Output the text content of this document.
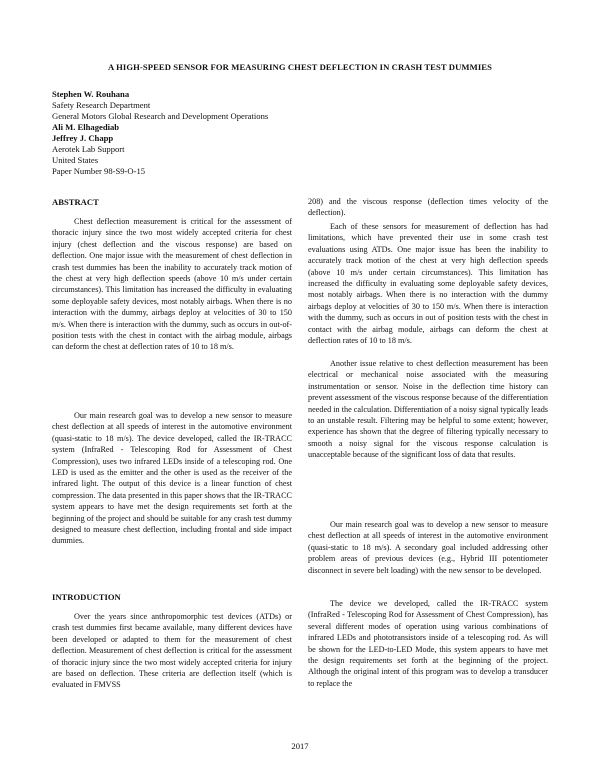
A HIGH-SPEED SENSOR FOR MEASURING CHEST DEFLECTION IN CRASH TEST DUMMIES
Stephen W. Rouhana
Safety Research Department
General Motors Global Research and Development Operations
Ali M. Elhagediab
Jeffrey J. Chapp
Aerotek Lab Support
United States
Paper Number 98-S9-O-15
ABSTRACT

Chest deflection measurement is critical for the assessment of thoracic injury since the two most widely accepted criteria for chest injury (chest deflection and the viscous response) are based on deflection. One major issue with the measurement of chest deflection in crash test dummies has been the inability to accurately track motion of the chest at very high deflection speeds (above 10 m/s under certain circumstances). This limitation has increased the difficulty in evaluating some deployable safety devices, most notably airbags. When there is no interaction with the dummy, airbags deploy at velocities of 30 to 150 m/s. When there is interaction with the dummy, such as occurs in out-of-position tests with the chest in contact with the airbag module, airbags can deform the chest at deflection rates of 10 to 18 m/s.

Our main research goal was to develop a new sensor to measure chest deflection at all speeds of interest in the automotive environment (quasi-static to 18 m/s). The device developed, called the IR-TRACC system (InfraRed - Telescoping Rod for Assessment of Chest Compression), uses two infrared LEDs inside of a telescoping rod. One LED is used as the emitter and the other is used as the receiver of the infrared light. The output of this device is a linear function of chest compression. The data presented in this paper shows that the IR-TRACC system appears to have met the design requirements set forth at the beginning of the project and should be suitable for any crash test dummy designed to measure chest deflection, including frontal and side impact dummies.

INTRODUCTION

Over the years since anthropomorphic test devices (ATDs) or crash test dummies first became available, many different devices have been developed or adapted to them for the measurement of chest deflection. Measurement of chest deflection is critical for the assessment of thoracic injury since the two most widely accepted criteria for injury are based on deflection. These criteria are deflection itself (which is evaluated in FMVSS

208) and the viscous response (deflection times velocity of the deflection).

Each of these sensors for measurement of deflection has had limitations, which have prevented their use in some crash test evaluations using ATDs. One major issue has been the inability to accurately track motion of the chest at very high deflection speeds (above 10 m/s under certain circumstances). This limitation has increased the difficulty in evaluating some deployable safety devices, most notably airbags. When there is no interaction with the dummy airbags deploy at velocities of 30 to 150 m/s. When there is interaction with the dummy, such as occurs in out of position tests with the chest in contact with the airbag module, airbags can deform the chest at deflection rates of 10 to 18 m/s.

Another issue relative to chest deflection measurement has been electrical or mechanical noise associated with the measuring instrumentation or sensor. Noise in the deflection time history can prevent assessment of the viscous response because of the differentiation needed in the calculation. Differentiation of a noisy signal typically leads to an unstable result. Filtering may be helpful to some extent; however, experience has shown that the degree of filtering typically necessary to smooth a noisy signal for the viscous response calculation is unacceptable because of the significant loss of data that results.

Our main research goal was to develop a new sensor to measure chest deflection at all speeds of interest in the automotive environment (quasi-static to 18 m/s). A secondary goal included addressing other problem areas of previous devices (e.g., Hybrid III potentiometer disconnect in severe belt loading) with the new sensor to be developed.

The device we developed, called the IR-TRACC system (InfraRed - Telescoping Rod for Assessment of Chest Compression), has several different modes of operation using various combinations of infrared LEDs and phototransistors inside of a telescoping rod. As will be shown for the LED-to-LED Mode, this system appears to have met the design requirements set forth at the beginning of the project. Although the original intent of this program was to develop a transducer to replace the

2017
